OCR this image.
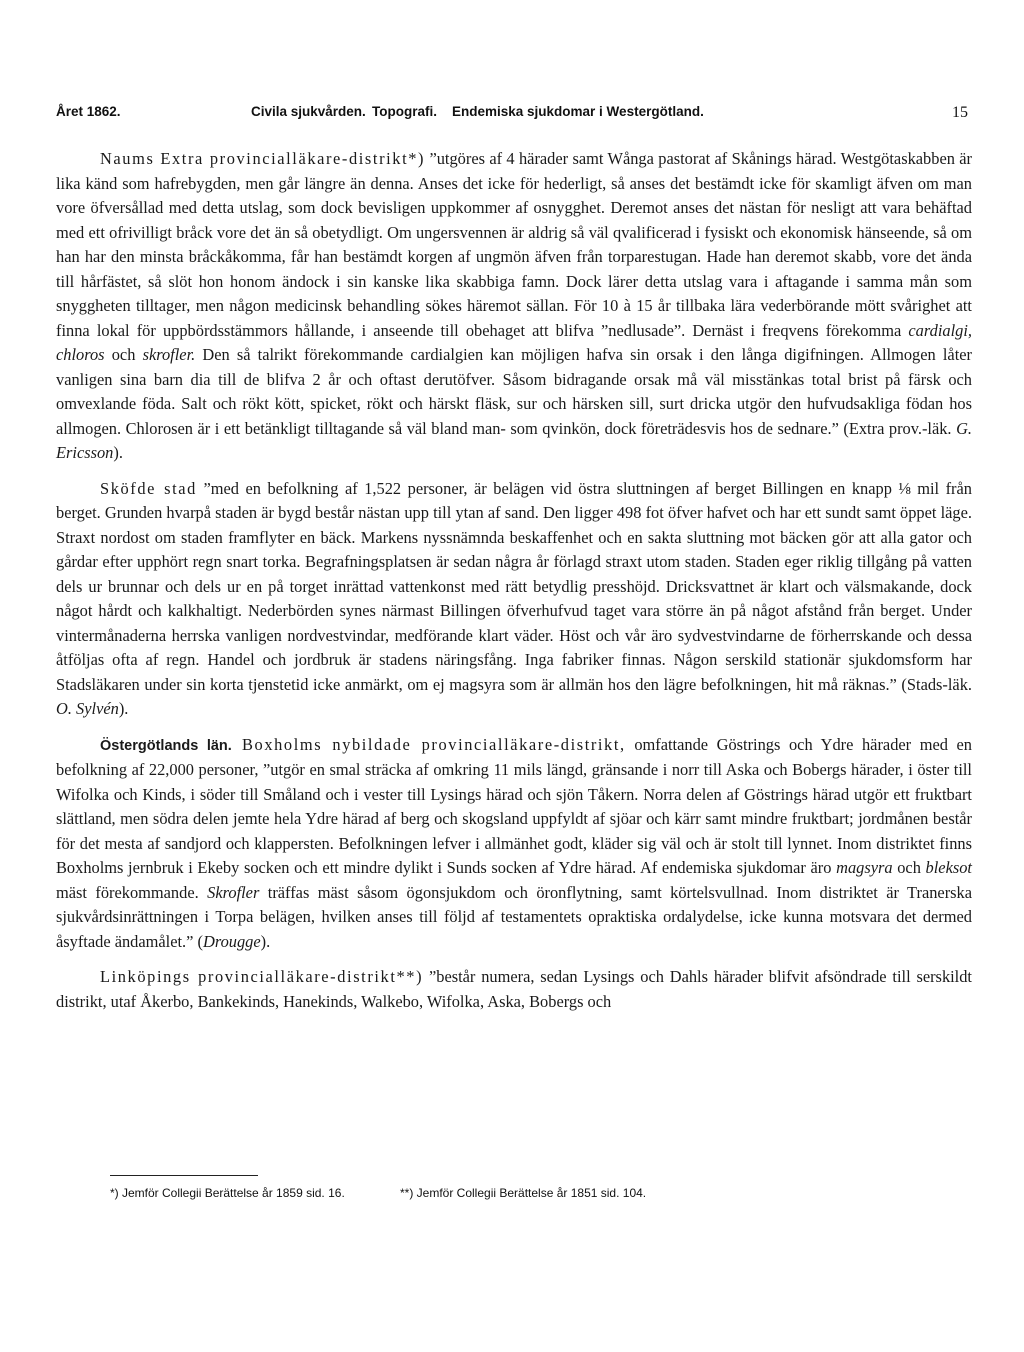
Året 1862.	Civila sjukvården. Topografi. Endemiska sjukdomar i Westergötland.	15

Naums Extra provincialläkare-distrikt*) ”utgöres af 4 härader samt Wånga pastorat af Skånings härad. Westgötaskabben är lika känd som hafrebygden, men går längre än denna. Anses det icke för hederligt, så anses det bestämdt icke för skamligt äfven om man vore öfversållad med detta utslag, som dock bevisligen uppkommer af osnygghet. Deremot anses det nästan för nesligt att vara behäftad med ett ofrivilligt bråck vore det än så obetydligt. Om ungersvennen är aldrig så väl qvalificerad i fysiskt och ekonomisk hänseende, så om han har den minsta bråckåkomma, får han bestämdt korgen af ungmön äfven från torparestugan. Hade han deremot skabb, vore det ända till hårfästet, så slöt hon honom ändock i sin kanske lika skabbiga famn. Dock lärer detta utslag vara i aftagande i samma mån som snyggheten tilltager, men någon medicinsk behandling sökes häremot sällan. För 10 à 15 år tillbaka lära vederbörande mött svårighet att finna lokal för uppbördsstämmors hållande, i anseende till obehaget att blifva ”nedlusade”. Dernäst i freqvens förekomma cardialgi, chloros och skrofler. Den så talrikt förekommande cardialgien kan möjligen hafva sin orsak i den långa digifningen. Allmogen låter vanligen sina barn dia till de blifva 2 år och oftast derutöfver. Såsom bidragande orsak må väl misstänkas total brist på färsk och omvexlande föda. Salt och rökt kött, spicket, rökt och härskt fläsk, sur och härsken sill, surt dricka utgör den hufvudsakliga födan hos allmogen. Chlorosen är i ett betänkligt tilltagande så väl bland man- som qvinkön, dock företrädesvis hos de sednare.” (Extra prov.-läk. G. Ericsson).

Sköfde stad ”med en befolkning af 1,522 personer, är belägen vid östra sluttningen af berget Billingen en knapp ⅛ mil från berget. Grunden hvarpå staden är bygd består nästan upp till ytan af sand. Den ligger 498 fot öfver hafvet och har ett sundt samt öppet läge. Straxt nordost om staden framflyter en bäck. Markens nyssnämnda beskaffenhet och en sakta sluttning mot bäcken gör att alla gator och gårdar efter upphört regn snart torka. Begrafningsplatsen är sedan några år förlagd straxt utom staden. Staden eger riklig tillgång på vatten dels ur brunnar och dels ur en på torget inrättad vattenkonst med rätt betydlig presshöjd. Dricksvattnet är klart och välsmakande, dock något hårdt och kalkhaltigt. Nederbörden synes närmast Billingen öfverhufvud taget vara större än på något afstånd från berget. Under vintermånaderna herrska vanligen nordvestvindar, medförande klart väder. Höst och vår äro sydvestvindarne de förherrskande och dessa åtföljas ofta af regn. Handel och jordbruk är stadens näringsfång. Inga fabriker finnas. Någon serskild stationär sjukdomsform har Stadsläkaren under sin korta tjenstetid icke anmärkt, om ej magsyra som är allmän hos den lägre befolkningen, hit må räknas.” (Stads-läk. O. Sylvén).

Östergötlands län. Boxholms nybildade provincialläkare-distrikt, omfattande Göstrings och Ydre härader med en befolkning af 22,000 personer, ”utgör en smal sträcka af omkring 11 mils längd, gränsande i norr till Aska och Bobergs härader, i öster till Wifolka och Kinds, i söder till Småland och i vester till Lysings härad och sjön Tåkern. Norra delen af Göstrings härad utgör ett fruktbart slättland, men södra delen jemte hela Ydre härad af berg och skogsland uppfyldt af sjöar och kärr samt mindre fruktbart; jordmånen består för det mesta af sandjord och klappersten. Befolkningen lefver i allmänhet godt, kläder sig väl och är stolt till lynnet. Inom distriktet finns Boxholms jernbruk i Ekeby socken och ett mindre dylikt i Sunds socken af Ydre härad. Af endemiska sjukdomar äro magsyra och bleksot mäst förekommande. Skrofler träffas mäst såsom ögonsjukdom och öronflytning, samt körtelsvullnad. Inom distriktet är Tranerska sjukvårdsinrättningen i Torpa belägen, hvilken anses till följd af testamentets opraktiska ordalydelse, icke kunna motsvara det dermed åsyftade ändamålet.” (Drougge).

Linköpings provincialläkare-distrikt**) ”består numera, sedan Lysings och Dahls härader blifvit afsöndrade till serskildt distrikt, utaf Åkerbo, Bankekinds, Hanekinds, Walkebo, Wifolka, Aska, Bobergs och

*) Jemför Collegii Berättelse år 1859 sid. 16.	**) Jemför Collegii Berättelse år 1851 sid. 104.
